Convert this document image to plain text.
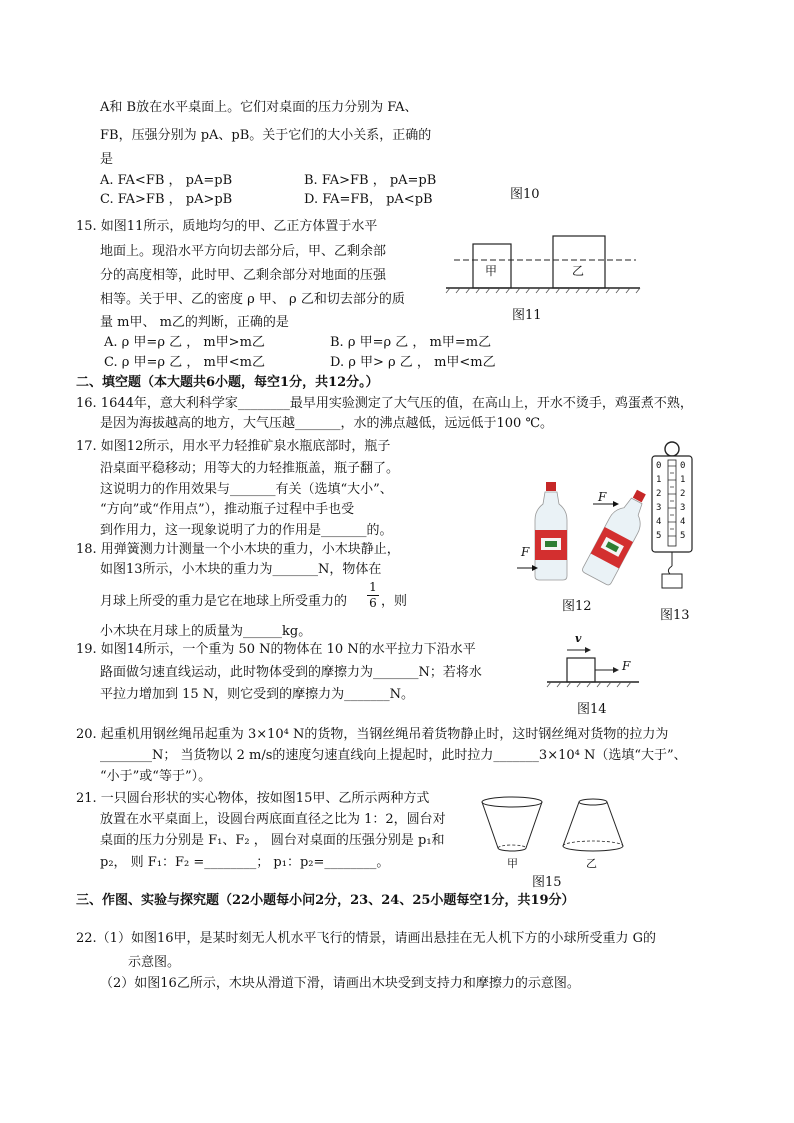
A和 B放在水平桌面上。它们对桌面的压力分别为 FA、
FB，压强分别为 pA、pB。关于它们的大小关系，正确的
是
A. FA<FB ， pA=pB	B. FA>FB ， pA=pB
C. FA>FB ， pA>pB	D. FA=FB， pA<pB	图10
15. 如图11所示，质地均匀的甲、乙正方体置于水平
地面上。现沿水平方向切去部分后，甲、乙剩余部
分的高度相等，此时甲、乙剩余部分对地面的压强
相等。关于甲、乙的密度 ρ 甲、 ρ 乙和切去部分的质
量 m甲、 m乙的判断，正确的是
A. ρ 甲=ρ 乙 ， m甲>m乙	B. ρ 甲=ρ 乙 ， m甲=m乙
C. ρ 甲=ρ 乙 ， m甲<m乙	D. ρ 甲> ρ 乙 ， m甲<m乙
甲	乙
图11
二、填空题（本大题共6小题，每空1分，共12分。）
16. 1644年，意大利科学家________最早用实验测定了大气压的值，在高山上，开水不烫手，鸡蛋煮不熟，
是因为海拔越高的地方，大气压越_______，水的沸点越低，远远低于100 ℃。
17. 如图12所示，用水平力轻推矿泉水瓶底部时，瓶子
沿桌面平稳移动；用等大的力轻推瓶盖，瓶子翻了。
这说明力的作用效果与_______有关（选填“大小”、
“方向”或“作用点”），推动瓶子过程中手也受
到作用力，这一现象说明了力的作用是_______的。
F
F
图12
0
1
2
3
4
5
0
1
2
3
4
5
图13
18. 用弹簧测力计测量一个小木块的重力，小木块静止，
如图13所示，小木块的重力为_______N，物体在
月球上所受的重力是它在地球上所受重力的 $\frac{1}{6}$ ，则
小木块在月球上的质量为______kg。
19. 如图14所示，一个重为 50 N的物体在 10 N的水平拉力下沿水平
路面做匀速直线运动，此时物体受到的摩擦力为_______N；若将水
平拉力增加到 15 N，则它受到的摩擦力为_______N。
v
F
图14
20. 起重机用钢丝绳吊起重为 3×10⁴ N的货物，当钢丝绳吊着货物静止时，这时钢丝绳对货物的拉力为
________N； 当货物以 2 m/s的速度匀速直线向上提起时，此时拉力_______3×10⁴ N（选填“大于”、
“小于”或“等于”）。
21. 一只圆台形状的实心物体，按如图15甲、乙所示两种方式
放置在水平桌面上，设圆台两底面直径之比为 1：2，圆台对
桌面的压力分别是 F₁、F₂ ， 圆台对桌面的压强分别是 p₁和
p₂， 则 F₁：F₂ =________； p₁：p₂=________。	甲	乙
图15
三、作图、实验与探究题（22小题每小问2分，23、24、25小题每空1分，共19分）
22.（1）如图16甲，是某时刻无人机水平飞行的情景，请画出悬挂在无人机下方的小球所受重力 G的
示意图。
（2）如图16乙所示，木块从滑道下滑，请画出木块受到支持力和摩擦力的示意图。
